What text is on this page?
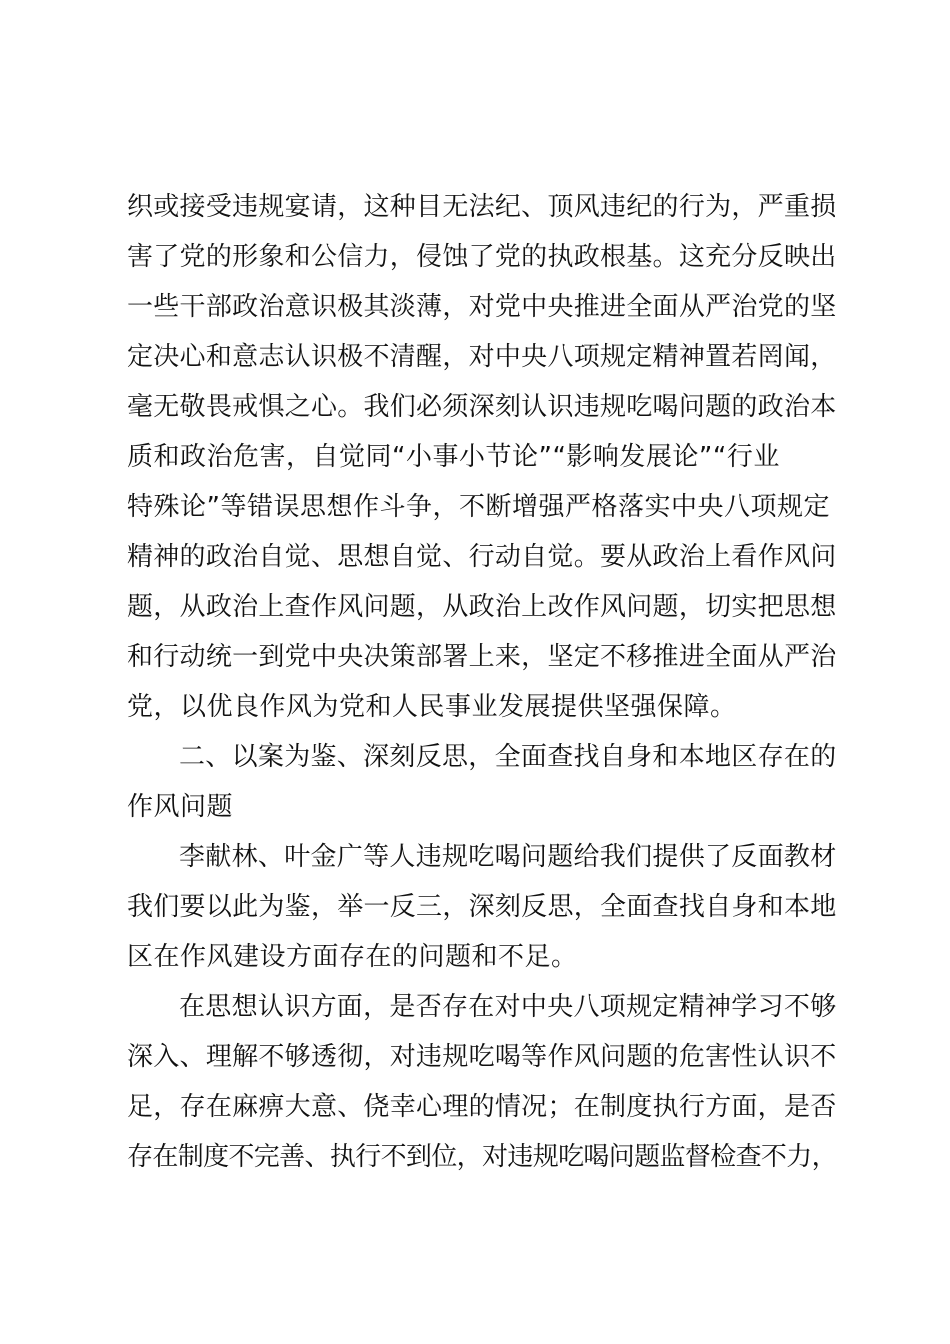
织或接受违规宴请，这种目无法纪、顶风违纪的行为，严重损
害了党的形象和公信力，侵蚀了党的执政根基。这充分反映出
一些干部政治意识极其淡薄，对党中央推进全面从严治党的坚
定决心和意志认识极不清醒，对中央八项规定精神置若罔闻，
毫无敬畏戒惧之心。我们必须深刻认识违规吃喝问题的政治本
质和政治危害，自觉同“小事小节论”“影响发展论”“行业
特殊论”等错误思想作斗争，不断增强严格落实中央八项规定
精神的政治自觉、思想自觉、行动自觉。要从政治上看作风问
题，从政治上查作风问题，从政治上改作风问题，切实把思想
和行动统一到党中央决策部署上来，坚定不移推进全面从严治
党，以优良作风为党和人民事业发展提供坚强保障。
二、以案为鉴、深刻反思，全面查找自身和本地区存在的
作风问题
李献林、叶金广等人违规吃喝问题给我们提供了反面教材
我们要以此为鉴，举一反三，深刻反思，全面查找自身和本地
区在作风建设方面存在的问题和不足。
在思想认识方面，是否存在对中央八项规定精神学习不够
深入、理解不够透彻，对违规吃喝等作风问题的危害性认识不
足，存在麻痹大意、侥幸心理的情况；在制度执行方面，是否
存在制度不完善、执行不到位，对违规吃喝问题监督检查不力，
